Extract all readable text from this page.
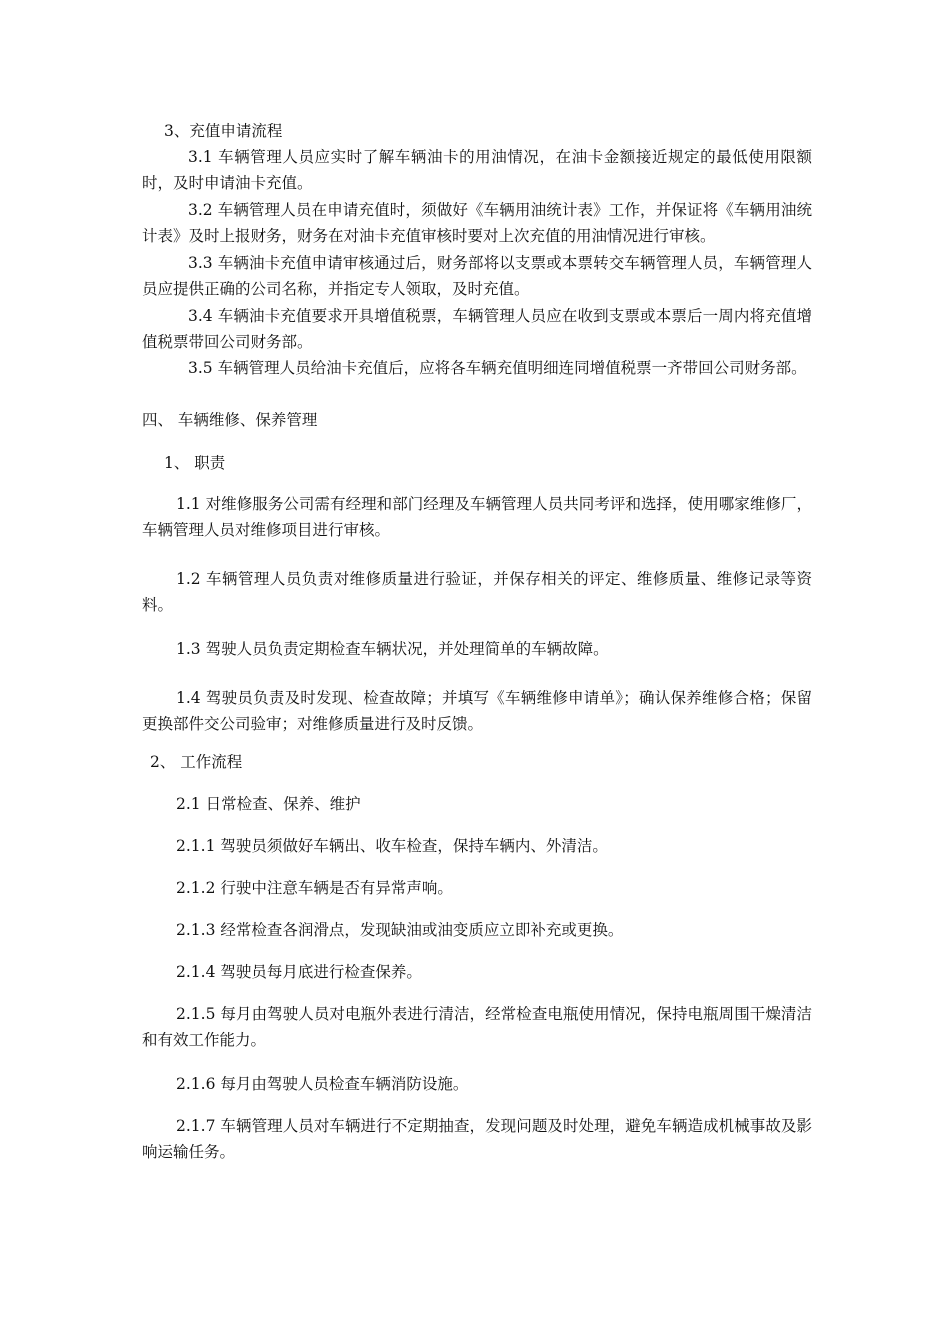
3、充值申请流程
3.1 车辆管理人员应实时了解车辆油卡的用油情况，在油卡金额接近规定的最低使用限额时，及时申请油卡充值。
3.2 车辆管理人员在申请充值时，须做好《车辆用油统计表》工作，并保证将《车辆用油统计表》及时上报财务，财务在对油卡充值审核时要对上次充值的用油情况进行审核。
3.3 车辆油卡充值申请审核通过后，财务部将以支票或本票转交车辆管理人员，车辆管理人员应提供正确的公司名称，并指定专人领取，及时充值。
3.4 车辆油卡充值要求开具增值税票，车辆管理人员应在收到支票或本票后一周内将充值增值税票带回公司财务部。
3.5 车辆管理人员给油卡充值后，应将各车辆充值明细连同增值税票一齐带回公司财务部。
四、 车辆维修、保养管理
1、 职责
1.1 对维修服务公司需有经理和部门经理及车辆管理人员共同考评和选择，使用哪家维修厂，车辆管理人员对维修项目进行审核。
1.2 车辆管理人员负责对维修质量进行验证，并保存相关的评定、维修质量、维修记录等资料。
1.3 驾驶人员负责定期检查车辆状况，并处理简单的车辆故障。
1.4 驾驶员负责及时发现、检查故障；并填写《车辆维修申请单》；确认保养维修合格；保留更换部件交公司验审；对维修质量进行及时反馈。
2、 工作流程
2.1 日常检查、保养、维护
2.1.1 驾驶员须做好车辆出、收车检查，保持车辆内、外清洁。
2.1.2 行驶中注意车辆是否有异常声响。
2.1.3 经常检查各润滑点，发现缺油或油变质应立即补充或更换。
2.1.4 驾驶员每月底进行检查保养。
2.1.5 每月由驾驶人员对电瓶外表进行清洁，经常检查电瓶使用情况，保持电瓶周围干燥清洁和有效工作能力。
2.1.6 每月由驾驶人员检查车辆消防设施。
2.1.7 车辆管理人员对车辆进行不定期抽查，发现问题及时处理，避免车辆造成机械事故及影响运输任务。
